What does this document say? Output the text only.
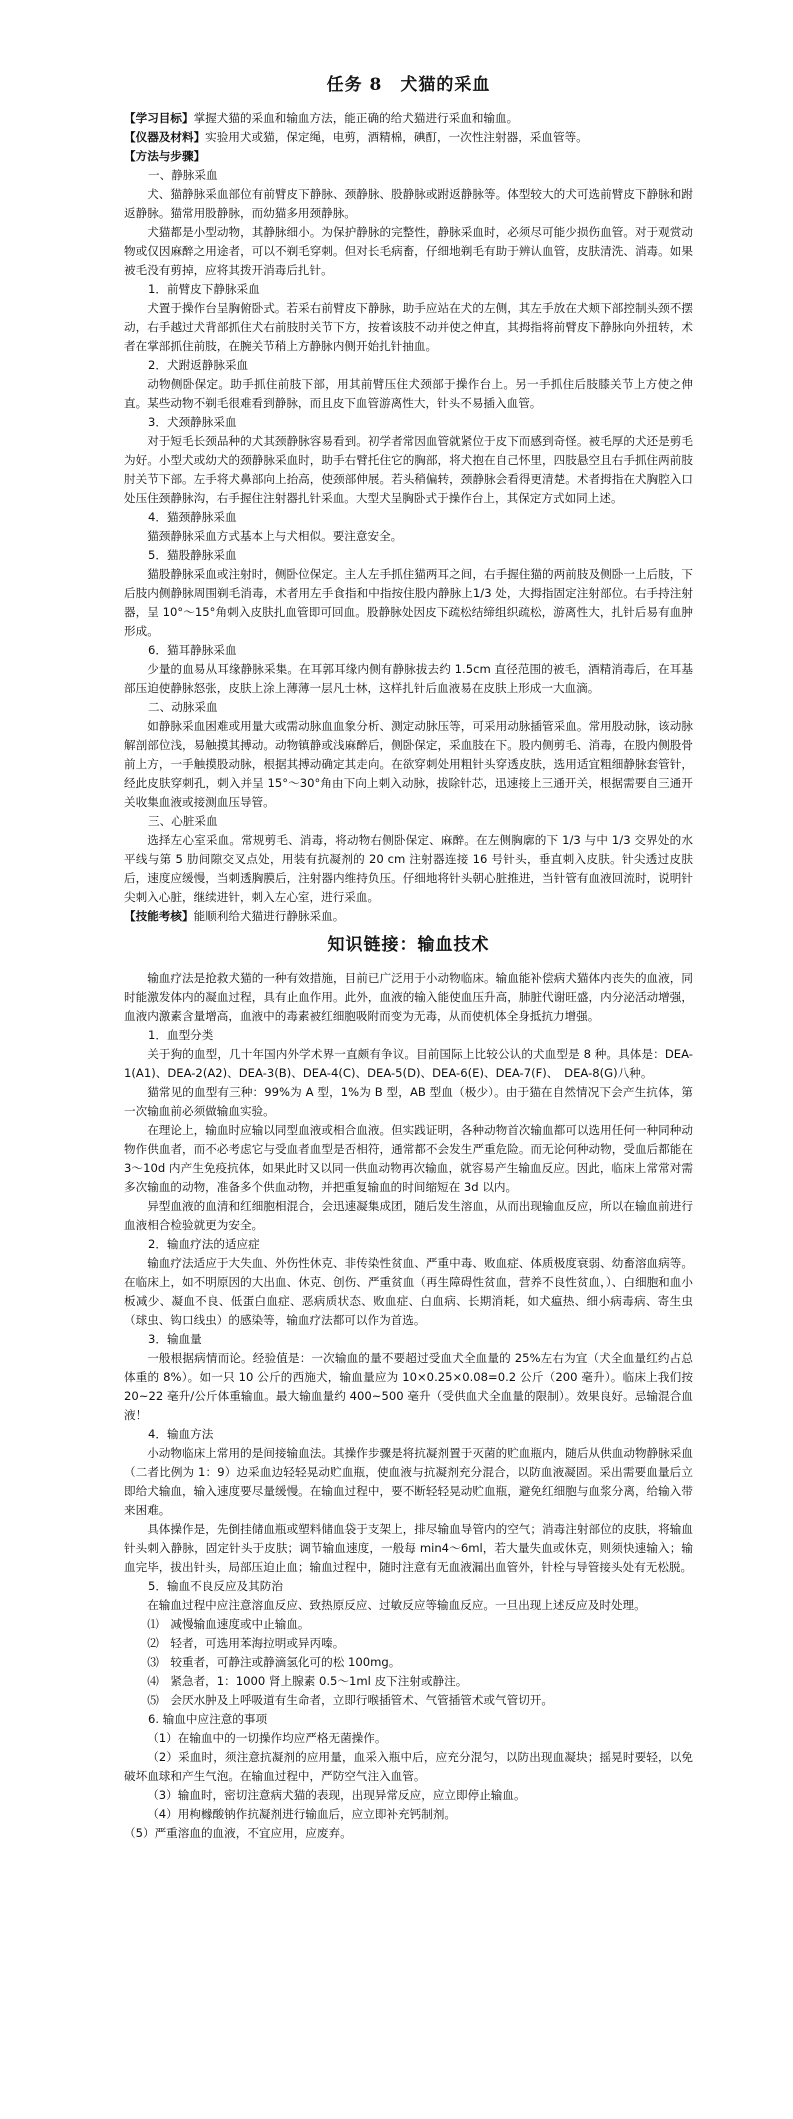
任务 8　犬猫的采血

【学习目标】掌握犬猫的采血和输血方法，能正确的给犬猫进行采血和输血。

【仪器及材料】实验用犬或猫，保定绳，电剪，酒精棉，碘酊，一次性注射器，采血管等。

【方法与步骤】

一、静脉采血

犬、猫静脉采血部位有前臂皮下静脉、颈静脉、股静脉或跗返静脉等。体型较大的犬可选前臂皮下静脉和跗返静脉。猫常用股静脉，而幼猫多用颈静脉。

犬猫都是小型动物，其静脉细小。为保护静脉的完整性，静脉采血时，必须尽可能少损伤血管。对于观赏动物或仅因麻醉之用途者，可以不剃毛穿刺。但对长毛病畜，仔细地剃毛有助于辨认血管，皮肤清洗、消毒。如果被毛没有剪掉，应将其拨开消毒后扎针。

1．前臂皮下静脉采血

犬置于操作台呈胸俯卧式。若采右前臂皮下静脉，助手应站在犬的左侧，其左手放在犬颊下部控制头颈不摆动，右手越过犬背部抓住犬右前肢肘关节下方，按着该肢不动并使之伸直，其拇指将前臂皮下静脉向外扭转，术者在掌部抓住前肢，在腕关节稍上方静脉内侧开始扎针抽血。

2．犬跗返静脉采血

动物侧卧保定。助手抓住前肢下部，用其前臂压住犬颈部于操作台上。另一手抓住后肢膝关节上方使之伸直。某些动物不剃毛很难看到静脉，而且皮下血管游离性大，针头不易插入血管。

3．犬颈静脉采血

对于短毛长颈品种的犬其颈静脉容易看到。初学者常因血管就紧位于皮下而感到奇怪。被毛厚的犬还是剪毛为好。小型犬或幼犬的颈静脉采血时，助手右臂托住它的胸部，将犬抱在自己怀里，四肢悬空且右手抓住两前肢肘关节下部。左手将犬鼻部向上抬高，使颈部伸展。若头稍偏转，颈静脉会看得更清楚。术者拇指在犬胸腔入口处压住颈静脉沟，右手握住注射器扎针采血。大型犬呈胸卧式于操作台上，其保定方式如同上述。

4．猫颈静脉采血

猫颈静脉采血方式基本上与犬相似。要注意安全。

5．猫股静脉采血

猫股静脉采血或注射时，侧卧位保定。主人左手抓住猫两耳之间，右手握住猫的两前肢及侧卧一上后肢，下后肢内侧静脉周围剃毛消毒，术者用左手食指和中指按住股内静脉上1/3 处，大拇指固定注射部位。右手持注射器，呈 10°～15°角刺入皮肤扎血管即可回血。股静脉处因皮下疏松结缔组织疏松，游离性大，扎针后易有血肿形成。

6．猫耳静脉采血

少量的血易从耳缘静脉采集。在耳郭耳缘内侧有静脉拔去约 1.5cm 直径范围的被毛，酒精消毒后，在耳基部压迫使静脉怒张，皮肤上涂上薄薄一层凡士林，这样扎针后血液易在皮肤上形成一大血滴。

二、动脉采血

如静脉采血困难或用量大或需动脉血血象分析、测定动脉压等，可采用动脉插管采血。常用股动脉，该动脉解剖部位浅，易触摸其搏动。动物镇静或浅麻醉后，侧卧保定，采血肢在下。股内侧剪毛、消毒，在股内侧股骨前上方，一手触摸股动脉，根据其搏动确定其走向。在欲穿刺处用粗针头穿透皮肤，选用适宜粗细静脉套管针，经此皮肤穿刺孔，刺入并呈 15°～30°角由下向上刺入动脉，拔除针芯，迅速接上三通开关，根据需要自三通开关收集血液或接测血压导管。

三、心脏采血

选择左心室采血。常规剪毛、消毒，将动物右侧卧保定、麻醉。在左侧胸廓的下 1/3 与中 1/3 交界处的水平线与第 5 肋间隙交叉点处，用装有抗凝剂的 20 cm 注射器连接 16 号针头，垂直刺入皮肤。针尖透过皮肤后，速度应缓慢，当刺透胸膜后，注射器内维持负压。仔细地将针头朝心脏推进，当针管有血液回流时，说明针尖刺入心脏，继续进针，刺入左心室，进行采血。

【技能考核】能顺利给犬猫进行静脉采血。

知识链接：输血技术

输血疗法是抢救犬猫的一种有效措施，目前已广泛用于小动物临床。输血能补偿病犬猫体内丧失的血液，同时能激发体内的凝血过程，具有止血作用。此外，血液的输入能使血压升高，肺脏代谢旺盛，内分泌活动增强，血液内激素含量增高，血液中的毒素被红细胞吸附而变为无毒，从而使机体全身抵抗力增强。

1．血型分类

关于狗的血型，几十年国内外学术界一直颇有争议。目前国际上比较公认的犬血型是 8 种。具体是：DEA-1(A1)、DEA-2(A2)、DEA-3(B)、DEA-4(C)、DEA-5(D)、DEA-6(E)、DEA-7(F)、　DEA-8(G)八种。

猫常见的血型有三种：99%为 A 型，1%为 B 型，AB 型血（极少）。由于猫在自然情况下会产生抗体，第一次输血前必须做输血实验。

在理论上，输血时应输以同型血液或相合血液。但实践证明，各种动物首次输血都可以选用任何一种同种动物作供血者，而不必考虑它与受血者血型是否相符，通常都不会发生严重危险。而无论何种动物，受血后都能在 3～10d 内产生免疫抗体，如果此时又以同一供血动物再次输血，就容易产生输血反应。因此，临床上常常对需多次输血的动物，准备多个供血动物，并把重复输血的时间缩短在 3d 以内。

异型血液的血清和红细胞相混合，会迅速凝集成团，随后发生溶血，从而出现输血反应，所以在输血前进行血液相合检验就更为安全。

2．输血疗法的适应症

输血疗法适应于大失血、外伤性休克、非传染性贫血、严重中毒、败血症、体质极度衰弱、幼畜溶血病等。在临床上，如不明原因的大出血、休克、创伤、严重贫血（再生障碍性贫血，营养不良性贫血，）、白细胞和血小板减少、凝血不良、低蛋白血症、恶病质状态、败血症、白血病、长期消耗，如犬瘟热、细小病毒病、寄生虫（球虫、钩口线虫）的感染等，输血疗法都可以作为首选。

3．输血量

一般根据病情而论。经验值是：一次输血的量不要超过受血犬全血量的 25%左右为宜（犬全血量红约占总体重的 8%）。如一只 10 公斤的西施犬，输血量应为 10×0.25×0.08=0.2 公斤（200 毫升）。临床上我们按 20~22 毫升/公斤体重输血。最大输血量约 400~500 毫升（受供血犬全血量的限制）。效果良好。忌输混合血液！

4．输血方法

小动物临床上常用的是间接输血法。其操作步骤是将抗凝剂置于灭菌的贮血瓶内，随后从供血动物静脉采血（二者比例为 1：9）边采血边轻轻晃动贮血瓶，使血液与抗凝剂充分混合，以防血液凝固。采出需要血量后立即给犬输血，输入速度要尽量缓慢。在输血过程中，要不断轻轻晃动贮血瓶，避免红细胞与血浆分离，给输入带来困难。

具体操作是，先倒挂储血瓶或塑料储血袋于支架上，排尽输血导管内的空气；消毒注射部位的皮肤，将输血针头刺入静脉，固定针头于皮肤；调节输血速度，一般每 min4～6ml，若大量失血或休克，则须快速输入；输血完毕，拔出针头，局部压迫止血；输血过程中，随时注意有无血液漏出血管外，针栓与导管接头处有无松脱。

5．输血不良反应及其防治

在输血过程中应注意溶血反应、致热原反应、过敏反应等输血反应。一旦出现上述反应及时处理。

⑴　减慢输血速度或中止输血。

⑵　轻者，可选用苯海拉明或异丙嗪。

⑶　较重者，可静注或静滴氢化可的松 100mg。

⑷　紧急者，1：1000 肾上腺素 0.5～1ml 皮下注射或静注。

⑸　会厌水肿及上呼吸道有生命者，立即行喉插管术、气管插管术或气管切开。

6. 输血中应注意的事项

（1）在输血中的一切操作均应严格无菌操作。

（2）采血时，须注意抗凝剂的应用量，血采入瓶中后，应充分混匀，以防出现血凝块；摇晃时要轻，以免破坏血球和产生气泡。在输血过程中，严防空气注入血管。

（3）输血时，密切注意病犬猫的表现，出现异常反应，应立即停止输血。

（4）用枸橼酸钠作抗凝剂进行输血后，应立即补充钙制剂。

（5）严重溶血的血液，不宜应用，应废弃。
